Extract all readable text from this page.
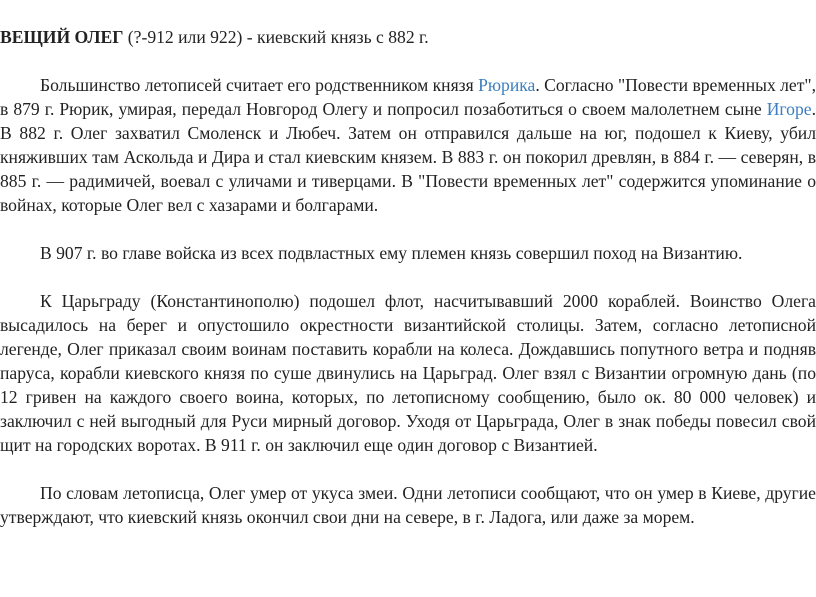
ВЕЩИЙ ОЛЕГ (?-912 или 922) - киевский князь с 882 г.

Большинство летописей считает его родственником князя Рюрика. Согласно "Повести временных лет", в 879 г. Рюрик, умирая, передал Новгород Олегу и попросил позаботиться о своем малолетнем сыне Игоре. В 882 г. Олег захватил Смоленск и Любеч. Затем он отправился дальше на юг, подошел к Киеву, убил княживших там Аскольда и Дира и стал киевским князем. В 883 г. он покорил древлян, в 884 г. — северян, в 885 г. — радимичей, воевал с уличами и тиверцами. В "Повести временных лет" содержится упоминание о войнах, которые Олег вел с хазарами и болгарами.

В 907 г. во главе войска из всех подвластных ему племен князь совершил поход на Византию.

К Царьграду (Константинополю) подошел флот, насчитывавший 2000 кораблей. Воинство Олега высадилось на берег и опустошило окрестности византийской столицы. Затем, согласно летописной легенде, Олег приказал своим воинам поставить корабли на колеса. Дождавшись попутного ветра и подняв паруса, корабли киевского князя по суше двинулись на Царьград. Олег взял с Византии огромную дань (по 12 гривен на каждого своего воина, которых, по летописному сообщению, было ок. 80 000 человек) и заключил с ней выгодный для Руси мирный договор. Уходя от Царьграда, Олег в знак победы повесил свой щит на городских воротах. В 911 г. он заключил еще один договор с Византией.

По словам летописца, Олег умер от укуса змеи. Одни летописи сообщают, что он умер в Киеве, другие утверждают, что киевский князь окончил свои дни на севере, в г. Ладога, или даже за морем.
